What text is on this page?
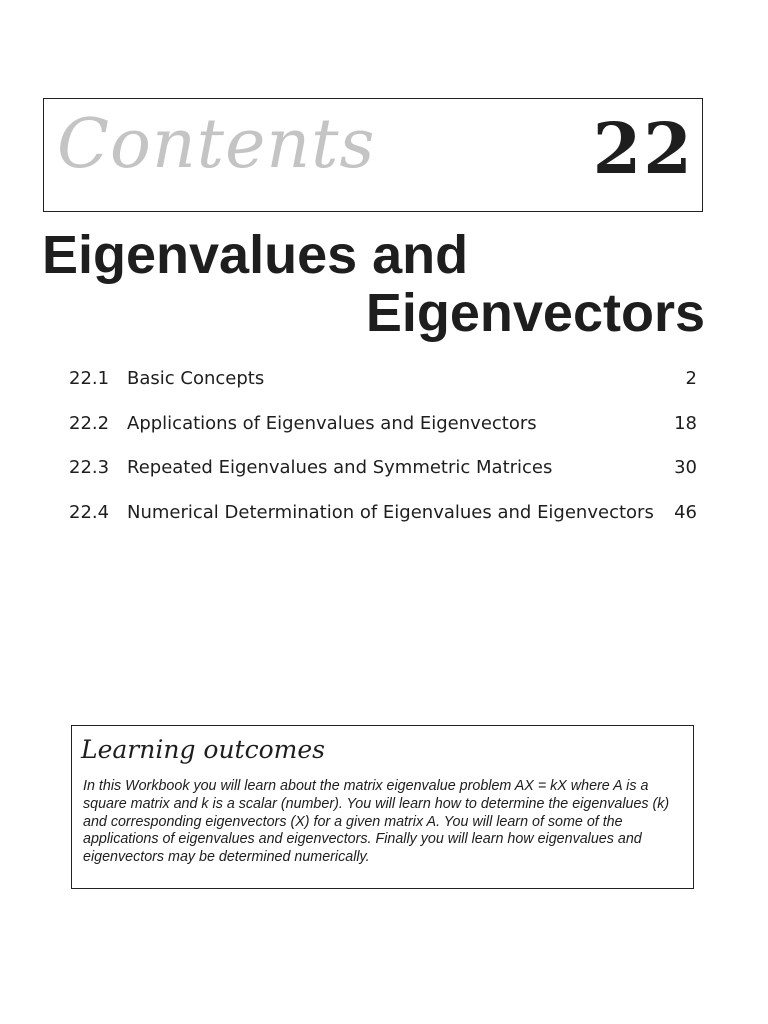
Contents	22
Eigenvalues and
Eigenvectors
22.1 Basic Concepts	2
22.2 Applications of Eigenvalues and Eigenvectors	18
22.3 Repeated Eigenvalues and Symmetric Matrices	30
22.4 Numerical Determination of Eigenvalues and Eigenvectors 46
Learning outcomes
In this Workbook you will learn about the matrix eigenvalue problem AX = kX where A is a square matrix and k is a scalar (number). You will learn how to determine the eigenvalues (k) and corresponding eigenvectors (X) for a given matrix A. You will learn of some of the applications of eigenvalues and eigenvectors. Finally you will learn how eigenvalues and eigenvectors may be determined numerically.
